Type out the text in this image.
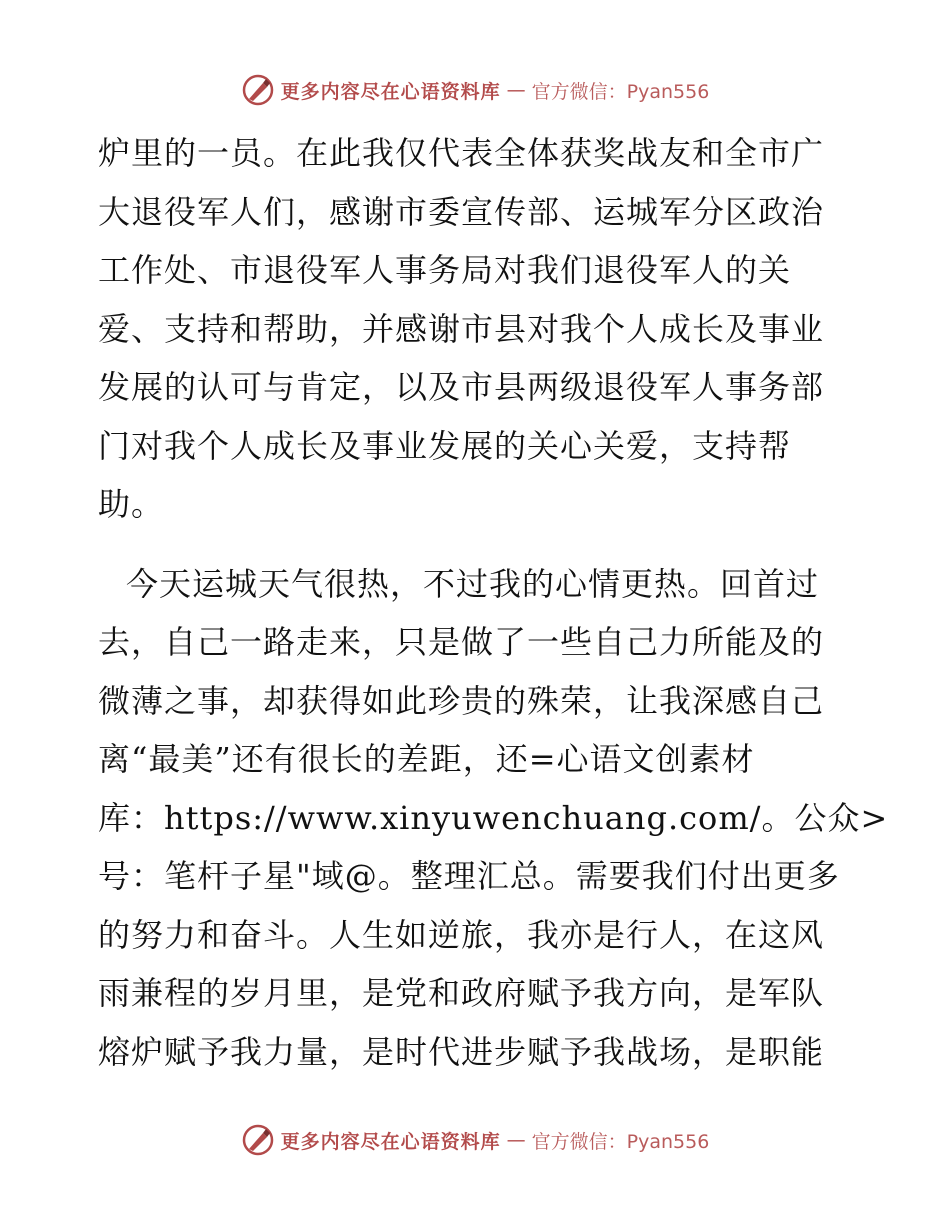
更多内容尽在心语资料库 — 官方微信：Pyan556
炉里的一员。在此我仅代表全体获奖战友和全市广
大退役军人们，感谢市委宣传部、运城军分区政治
工作处、市退役军人事务局对我们退役军人的关
爱、支持和帮助，并感谢市县对我个人成长及事业
发展的认可与肯定，以及市县两级退役军人事务部
门对我个人成长及事业发展的关心关爱，支持帮
助。
今天运城天气很热，不过我的心情更热。回首过
去，自己一路走来，只是做了一些自己力所能及的
微薄之事，却获得如此珍贵的殊荣，让我深感自己
离“最美”还有很长的差距，还=心语文创素材
库：https://www.xinyuwenchuang.com/。公众>
号：笔杆子星"域@。整理汇总。需要我们付出更多
的努力和奋斗。人生如逆旅，我亦是行人，在这风
雨兼程的岁月里，是党和政府赋予我方向，是军队
熔炉赋予我力量，是时代进步赋予我战场，是职能
更多内容尽在心语资料库 — 官方微信：Pyan556
